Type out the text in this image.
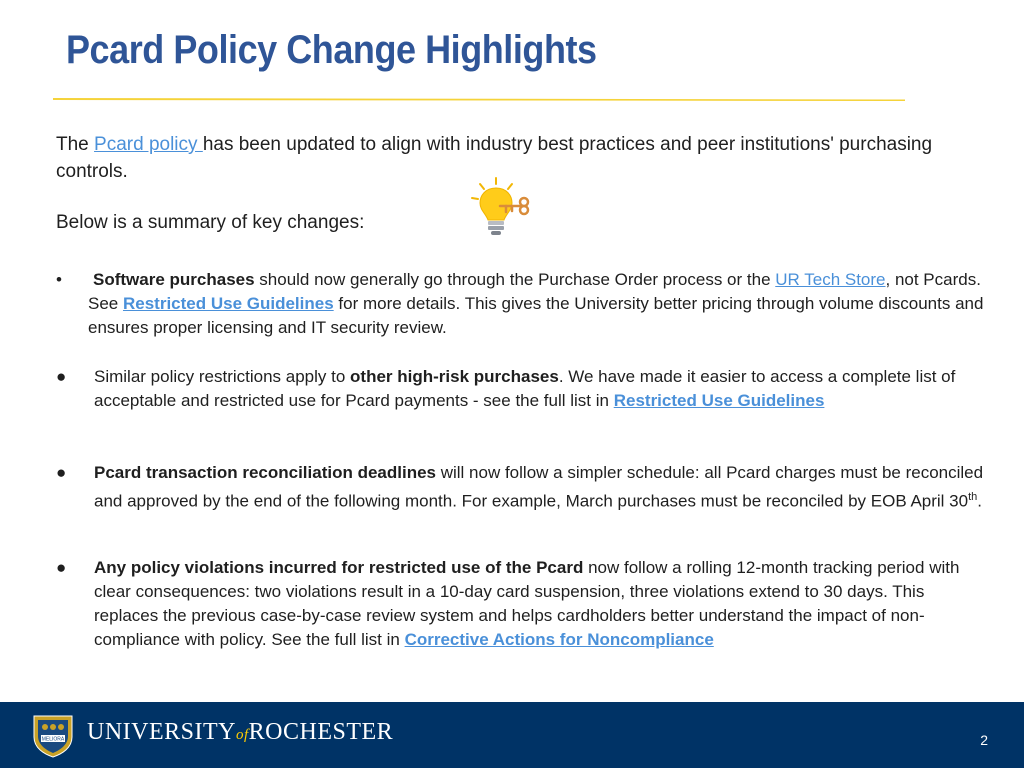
Pcard Policy Change Highlights

The Pcard policy has been updated to align with industry best practices and peer institutions' purchasing controls.

Below is a summary of key changes:

• Software purchases should now generally go through the Purchase Order process or the UR Tech Store, not Pcards. See Restricted Use Guidelines for more details. This gives the University better pricing through volume discounts and ensures proper licensing and IT security review.
● Similar policy restrictions apply to other high-risk purchases. We have made it easier to access a complete list of acceptable and restricted use for Pcard payments - see the full list in Restricted Use Guidelines
● Pcard transaction reconciliation deadlines will now follow a simpler schedule: all Pcard charges must be reconciled and approved by the end of the following month. For example, March purchases must be reconciled by EOB April 30th.
● Any policy violations incurred for restricted use of the Pcard now follow a rolling 12-month tracking period with clear consequences: two violations result in a 10-day card suspension, three violations extend to 30 days. This replaces the previous case-by-case review system and helps cardholders better understand the impact of non-compliance with policy. See the full list in Corrective Actions for Noncompliance
MELIORA UNIVERSITYofROCHESTER	2
